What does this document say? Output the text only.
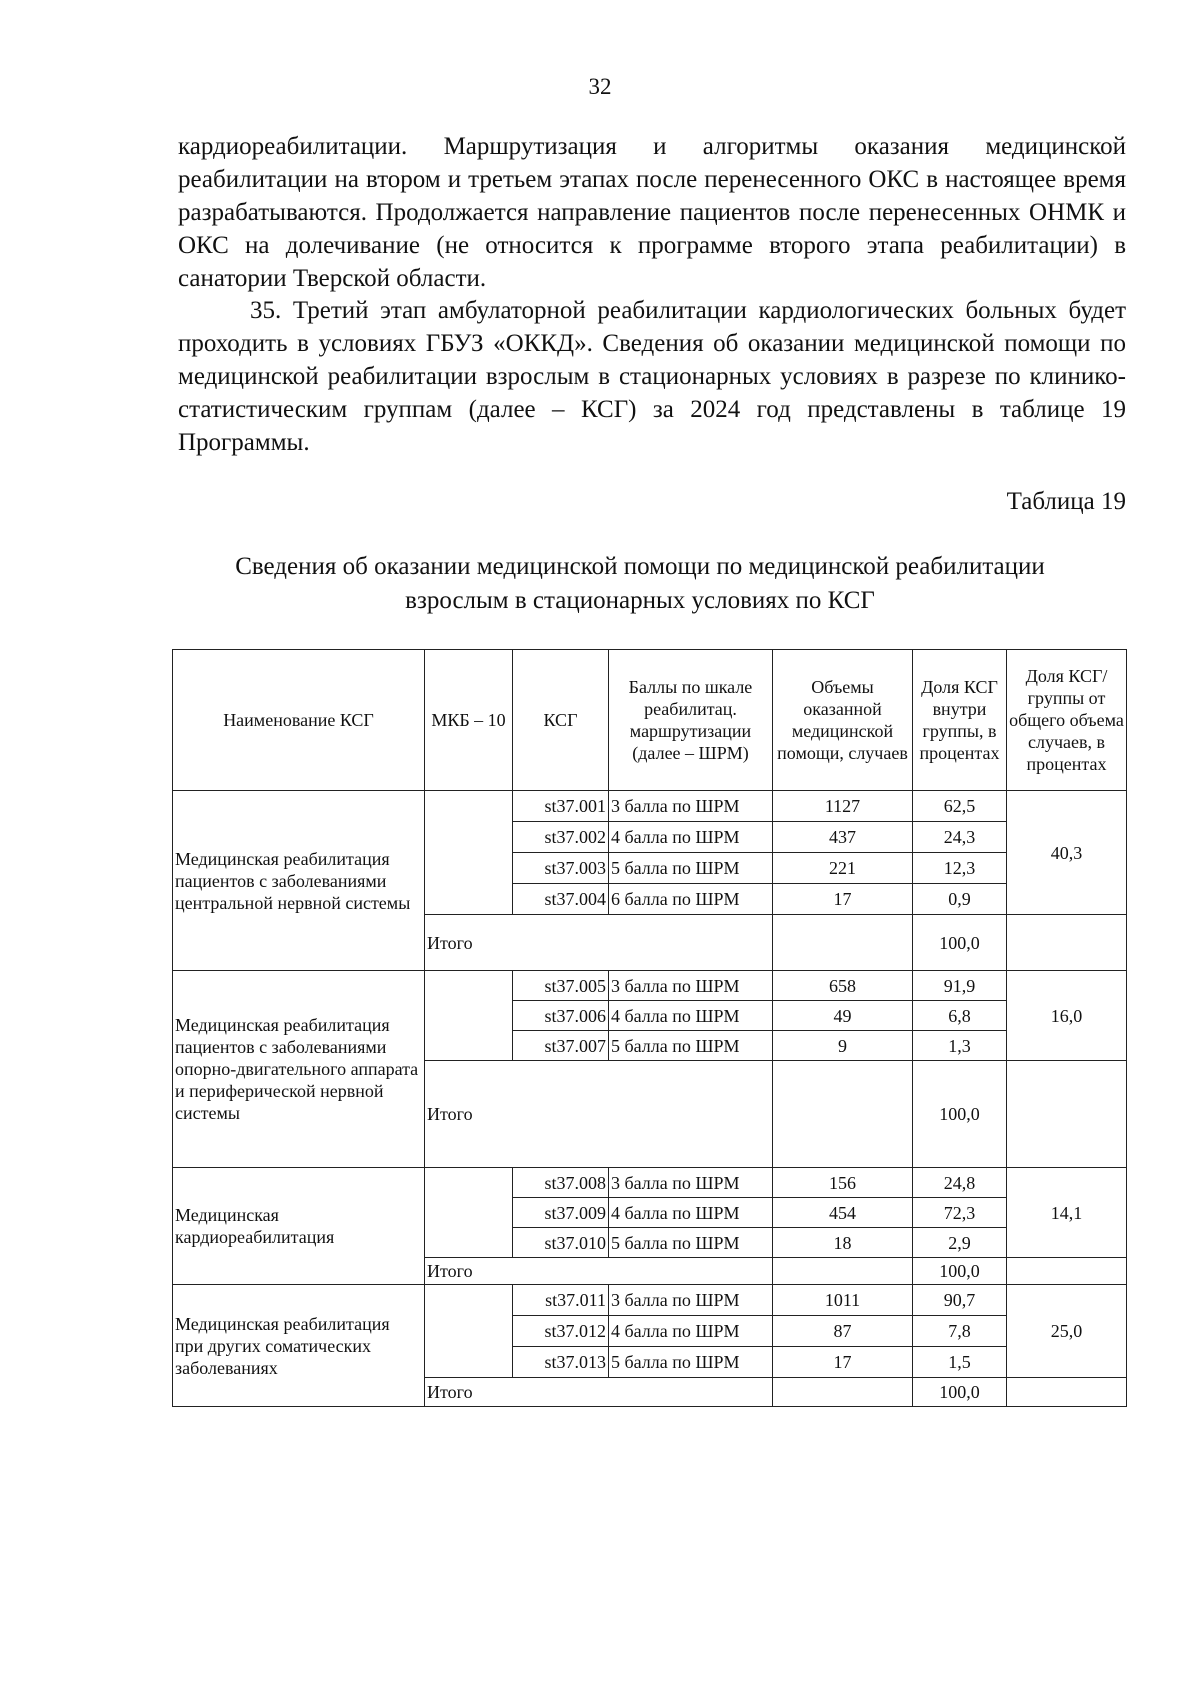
32

кардиореабилитации. Маршрутизация и алгоритмы оказания медицинской реабилитации на втором и третьем этапах после перенесенного ОКС в настоящее время разрабатываются. Продолжается направление пациентов после перенесенных ОНМК и ОКС на долечивание (не относится к программе второго этапа реабилитации) в санатории Тверской области.

35. Третий этап амбулаторной реабилитации кардиологических больных будет проходить в условиях ГБУЗ «ОККД». Сведения об оказании медицинской помощи по медицинской реабилитации взрослым в стационарных условиях в разрезе по клинико-статистическим группам (далее – КСГ) за 2024 год представлены в таблице 19 Программы.

Таблица 19
Сведения об оказании медицинской помощи по медицинской реабилитации
взрослым в стационарных условиях по КСГ
Наименование КСГ	МКБ – 10	КСГ	Баллы по шкале реабилитац. маршрутизации (далее – ШРМ)	Объемы оказанной медицинской помощи, случаев	Доля КСГ внутри группы, в процентах	Доля КСГ/группы от общего объема случаев, в процентах
Медицинская реабилитация пациентов с заболеваниями центральной нервной системы		st37.001	3 балла по ШРМ	1127	62,5	40,3
		st37.002	4 балла по ШРМ	437	24,3	
		st37.003	5 балла по ШРМ	221	12,3	
		st37.004	6 балла по ШРМ	17	0,9	
	Итого				100,0	
Медицинская реабилитация пациентов с заболеваниями опорно-двигательного аппарата и периферической нервной системы		st37.005	3 балла по ШРМ	658	91,9	16,0
		st37.006	4 балла по ШРМ	49	6,8	
		st37.007	5 балла по ШРМ	9	1,3	
	Итого				100,0	
Медицинская кардиореабилитация		st37.008	3 балла по ШРМ	156	24,8	14,1
		st37.009	4 балла по ШРМ	454	72,3	
		st37.010	5 балла по ШРМ	18	2,9	
	Итого				100,0	
Медицинская реабилитация при других соматических заболеваниях		st37.011	3 балла по ШРМ	1011	90,7	25,0
		st37.012	4 балла по ШРМ	87	7,8	
		st37.013	5 балла по ШРМ	17	1,5	
	Итого				100,0	
